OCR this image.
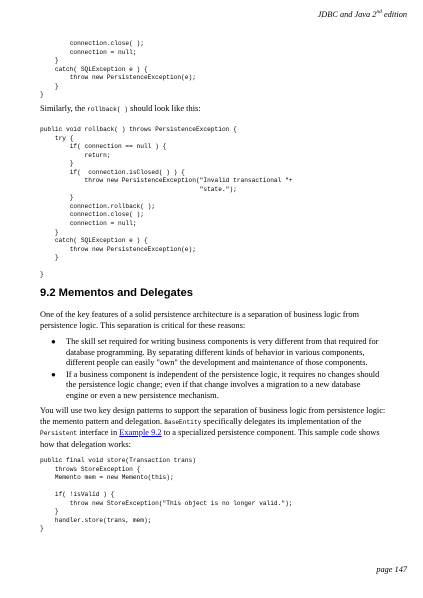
JDBC and Java 2nd edition
connection.close( );
connection = null;
}
catch( SQLException e ) {
throw new PersistenceException(e);
}
}

Similarly, the rollback( ) should look like this:

public void rollback( ) throws PersistenceException {
try {
if( connection == null ) {
return;
}
if(  connection.isClosed( ) ) {
throw new PersistenceException("Invalid transactional "+
"state.");
}
connection.rollback( );
connection.close( );
connection = null;
}
catch( SQLException e ) {
throw new PersistenceException(e);
}

}
9.2 Mementos and Delegates

One of the key features of a solid persistence architecture is a separation of business logic from persistence logic. This separation is critical for these reasons:

● The skill set required for writing business components is very different from that required for database programming. By separating different kinds of behavior in various components, different people can easily "own" the development and maintenance of those components.
● If a business component is independent of the persistence logic, it requires no changes should the persistence logic change; even if that change involves a migration to a new database engine or even a new persistence mechanism.

You will use two key design patterns to support the separation of business logic from persistence logic: the memento pattern and delegation. BaseEntity specifically delegates its implementation of the Persistent interface in Example 9.2 to a specialized persistence component. This sample code shows how that delegation works:

public final void store(Transaction trans)
throws StoreException {
Memento mem = new Memento(this);

if( !isValid ) {
throw new StoreException("This object is no longer valid.");
}
handler.store(trans, mem);
}
page 147
